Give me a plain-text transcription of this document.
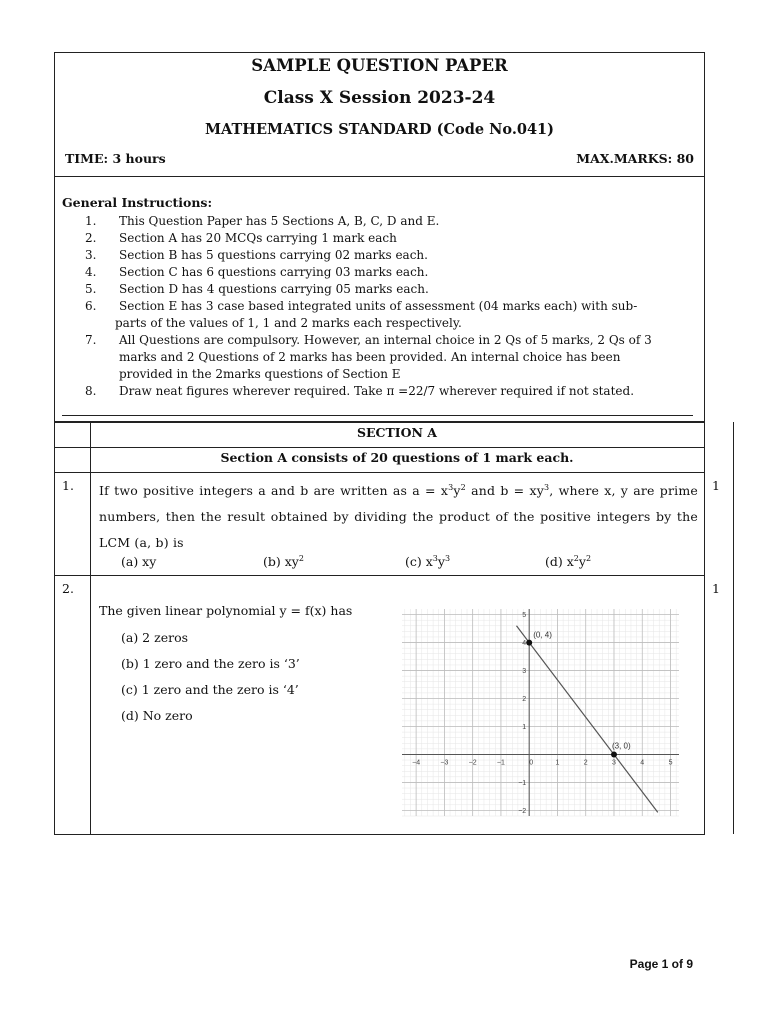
SAMPLE QUESTION PAPER
Class X Session 2023-24
MATHEMATICS STANDARD (Code No.041)
TIME: 3 hours	MAX.MARKS: 80
General Instructions:
1.	This Question Paper has 5 Sections A, B, C, D and E.
2.	Section A has 20 MCQs carrying 1 mark each
3.	Section B has 5 questions carrying 02 marks each.
4.	Section C has 6 questions carrying 03 marks each.
5.	Section D has 4 questions carrying 05 marks each.
6.	Section E has 3 case based integrated units of assessment (04 marks each) with sub-
parts of the values of 1, 1 and 2 marks each respectively.
7.	All Questions are compulsory. However, an internal choice in 2 Qs of 5 marks, 2 Qs of 3
marks and 2 Questions of 2 marks has been provided. An internal choice has been
provided in the 2marks questions of Section E
8.	Draw neat figures wherever required. Take π =22/7 wherever required if not stated.
SECTION A
Section A consists of 20 questions of 1 mark each.
1.	1
If two positive integers a and b are written as $a = x^3y^2$ and $b = xy^3$, where x, y are prime numbers, then the result obtained by dividing the product of the positive integers by the LCM (a, b) is
(a) xy	(b) $xy^2$	(c) $x^3y^3$	(d) $x^2y^2$
2.	1
The given linear polynomial y = f(x) has
(a) 2 zeros
(b) 1 zero and the zero is ‘3’
(c) 1 zero and the zero is ‘4’
(d) No zero
−4	−3	−2	−1	0	1	2	3	4	5
−2
−1
1
2
3
4
5
(0, 4)
(3, 0)
Page 1 of 9
